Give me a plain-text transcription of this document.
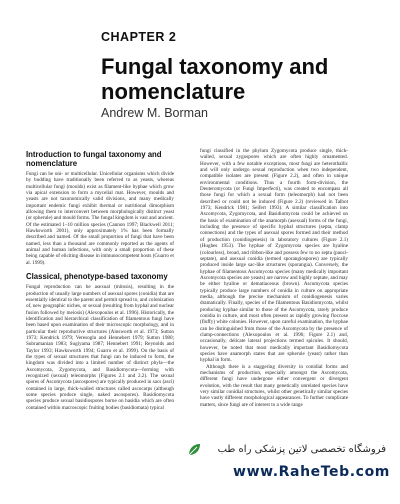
CHAPTER 2
Fungal taxonomy and nomenclature
Andrew M. Borman
Introduction to fungal taxonomy and nomenclature

Fungi can be uni- or multicellular. Unicellular organisms which divide by budding have traditionally been referred to as yeasts, whereas multicellular fungi (moulds) exist as filament-like hyphae which grow via apical extension to form a mycelial mat. However, moulds and yeasts are not taxonomically valid divisions, and many medically important endemic fungi exhibit thermal or nutritional dimorphism allowing them to interconvert between morphologically distinct yeast (or spherule) and mould forms. The fungal kingdom is vast and ancient. Of the estimated 1–10 million species (Cannon 1997; Blackwell 2011; Hawksworth 2001), only approximately 1% has been formally described and named. Of the small proportion of fungi that have been named, less than a thousand are commonly reported as the agents of animal and human infections, with only a small proportion of these being capable of eliciting disease in immunocompetent hosts (Guarro et al. 1999).

Classical, phenotype-based taxonomy

Fungal reproduction can be asexual (mitosis), resulting in the production of usually large numbers of asexual spores (conidia) that are essentially identical to the parent and permit spread to, and colonization of, new geographic niches, or sexual (resulting from hyphal and nuclear fusion followed by meiosis) (Alexopoulos et al. 1996). Historically, the identification and hierarchical classification of filamentous fungi have been based upon examination of their microscopic morphology, and in particular their reproductive structures (Ainsworth et al. 1973; Sutton 1973; Kendrick 1979; Veresoglu and Hennebert 1979; Sutton 1980; Subramanian 1983; Sugiyama 1987; Hennebert 1991; Reynolds and Taylor 1993; Hawksworth 1994; Guarro et al. 1999). On the basis of the types of sexual structures that fungi can be induced to form, the kingdom was divided into a limited number of distinct phyla—the Ascomycota, Zygomycota, and Basidiomycota—forming with recognized (sexual) teleomorphs (Figures 2.1 and 2.2). The sexual spores of Ascomycota (ascospores) are typically produced in sacs (asci) contained in large, thick-walled structures called ascocarps (although some species produce single, naked ascospores). Basidiomycota species produce sexual basidiospores borne on basidia which are often contained within macroscopic fruiting bodies (basidiomata) typical

fungi classified in the phylum Zygomycota produce single, thick-walled, sexual zygospores which are often highly ornamented. However, with a few notable exceptions, most fungi are heterothallic and will only undergo sexual reproduction when two independent, compatible isolates are present (Figure 2.2), and often in unique environmental conditions. Thus a fourth form-division, the Deuteromycota (or Fungi Imperfecti), was created to encompass all those fungi for which a sexual form (teleomorph) had not been described or could not be induced (Figure 2.2) (reviewed in Talbot 1973; Kendrick 1981; Seifert 1993). A similar classification into Ascomycota, Zygomycota, and Basidiomycota could be achieved on the basis of examination of the anamorph (asexual) forms of the fungi, including the presence of specific hyphal structures (septa, clamp connections) and the types of asexual spores formed and their method of production (conidiogenesis) in laboratory cultures (Figure 2.1) (Hughes 1953). The hyphae of Zygomycota species are hyaline (colourless), broad, and ribbon-like and possess few to no septa (pauci-septate), and asexual conidia (termed sporangiospores) are typically produced inside large sac-like structures (sporangia). Conversely, the hyphae of filamentous Ascomycota species (many medically important Ascomycota species are yeasts) are narrow and highly septate, and may be either hyaline or dematiaceous (brown). Ascomycota species typically produce large numbers of conidia in culture on appropriate media, although the precise mechanism of conidiogenesis varies dramatically. Finally, species of the filamentous Basidiomycota, whilst producing hyphae similar to those of the Ascomycota, rarely produce conidia in culture, and most often present as rapidly growing floccose (fluffy) white colonies. However, upon careful examination, the hyphae can be distinguished from those of the Ascomycota by the presence of clamp-connections (Alexopoulos et al. 1996; Figure 2.1) and, occasionally, delicate lateral projections termed spicules. It should, however, be noted that most medically important Basidiomycota species have anamorph states that are spherule (yeast) rather than hyphal in form.

Although there is a staggering diversity in conidial forms and mechanisms of production, especially amongst the Ascomycota, different fungi have undergone either convergent or divergent evolution, with the result that many genetically unrelated species have very similar conidial structures, whilst other genetically similar species have vastly different morphological appearances. To further complicate matters, since fungi are of interest to a wide range

فروشگاه تخصصی لاتین پزشکی راه طب
www.RaheTeb.com
